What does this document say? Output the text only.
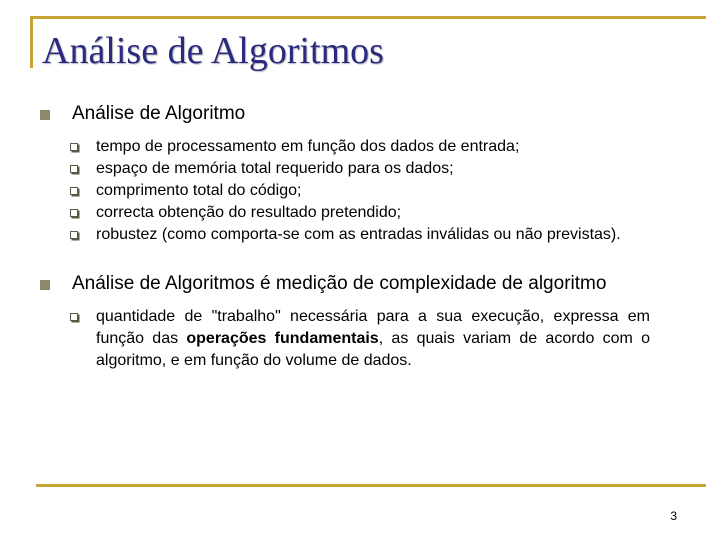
Análise de Algoritmos
Análise de Algoritmo
tempo de processamento em função dos dados de entrada;
espaço de memória total requerido para os dados;
comprimento total do código;
correcta obtenção do resultado pretendido;
robustez (como comporta-se com as entradas inválidas ou não previstas).
Análise de Algoritmos é medição de complexidade de algoritmo
quantidade de "trabalho" necessária para a sua execução, expressa em função das operações fundamentais, as quais variam de acordo com o algoritmo, e em função do volume de dados.
3
